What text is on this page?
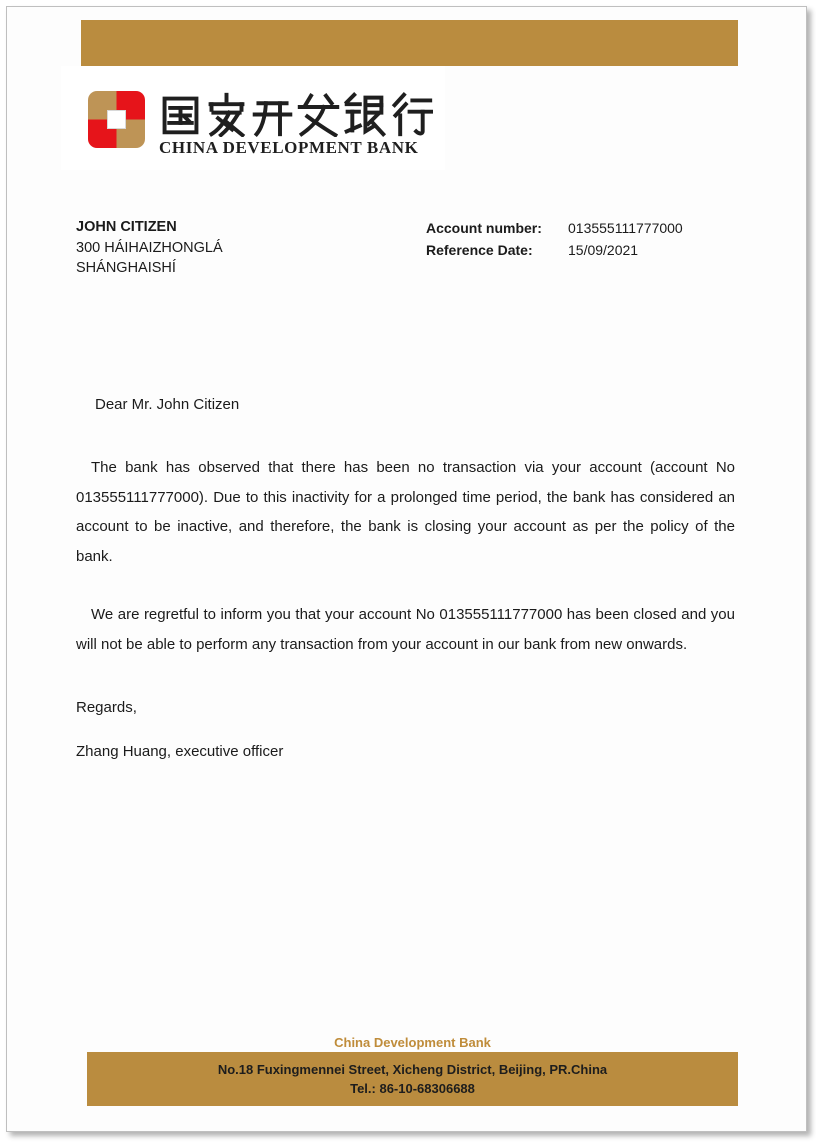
CHINA DEVELOPMENT BANK
JOHN CITIZEN
300 HÁIHAIZHONGLÁ
SHÁNGHAISHÍ
Account number:	013555111777000
Reference Date:	15/09/2021
Dear Mr. John Citizen
The bank has observed that there has been no transaction via your account (account No 013555111777000). Due to this inactivity for a prolonged time period, the bank has considered an account to be inactive, and therefore, the bank is closing your account as per the policy of the bank.
We are regretful to inform you that your account No 013555111777000 has been closed and you will not be able to perform any transaction from your account in our bank from new onwards.
Regards,
Zhang Huang, executive officer
China Development Bank
No.18 Fuxingmennei Street, Xicheng District, Beijing, PR.China
Tel.: 86-10-68306688
